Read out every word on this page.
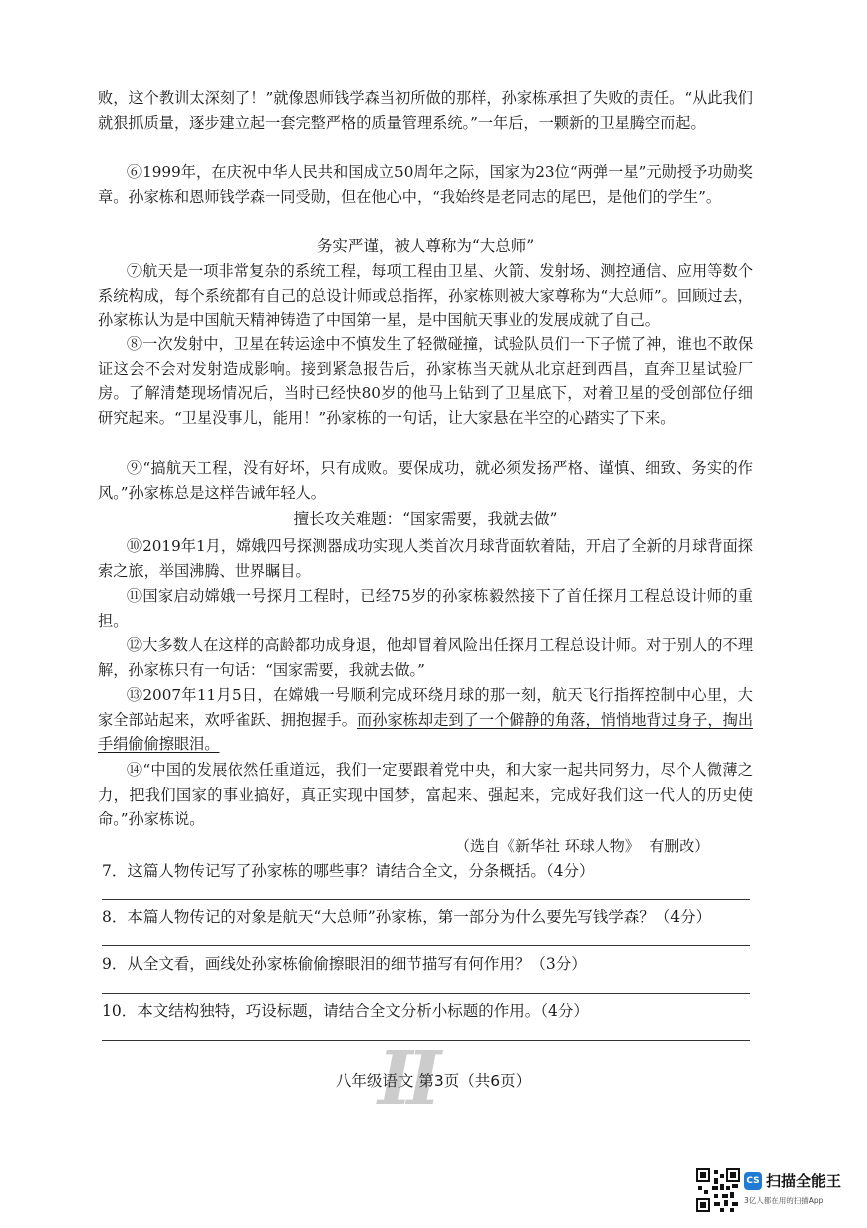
败，这个教训太深刻了！”就像恩师钱学森当初所做的那样，孙家栋承担了失败的责任。“从此我们就狠抓质量，逐步建立起一套完整严格的质量管理系统。”一年后，一颗新的卫星腾空而起。

⑥1999年，在庆祝中华人民共和国成立50周年之际，国家为23位“两弹一星”元勋授予功勋奖章。孙家栋和恩师钱学森一同受勋，但在他心中，“我始终是老同志的尾巴，是他们的学生”。

务实严谨，被人尊称为“大总师”

⑦航天是一项非常复杂的系统工程，每项工程由卫星、火箭、发射场、测控通信、应用等数个系统构成，每个系统都有自己的总设计师或总指挥，孙家栋则被大家尊称为“大总师”。回顾过去，孙家栋认为是中国航天精神铸造了中国第一星，是中国航天事业的发展成就了自己。

⑧一次发射中，卫星在转运途中不慎发生了轻微碰撞，试验队员们一下子慌了神，谁也不敢保证这会不会对发射造成影响。接到紧急报告后，孙家栋当天就从北京赶到西昌，直奔卫星试验厂房。了解清楚现场情况后，当时已经快80岁的他马上钻到了卫星底下，对着卫星的受创部位仔细研究起来。“卫星没事儿，能用！”孙家栋的一句话，让大家悬在半空的心踏实了下来。

⑨“搞航天工程，没有好坏，只有成败。要保成功，就必须发扬严格、谨慎、细致、务实的作风。”孙家栋总是这样告诫年轻人。

擅长攻关难题：“国家需要，我就去做”

⑩2019年1月，嫦娥四号探测器成功实现人类首次月球背面软着陆，开启了全新的月球背面探索之旅，举国沸腾、世界瞩目。

⑪国家启动嫦娥一号探月工程时，已经75岁的孙家栋毅然接下了首任探月工程总设计师的重担。

⑫大多数人在这样的高龄都功成身退，他却冒着风险出任探月工程总设计师。对于别人的不理解，孙家栋只有一句话：“国家需要，我就去做。”

⑬2007年11月5日，在嫦娥一号顺利完成环绕月球的那一刻，航天飞行指挥控制中心里，大家全部站起来，欢呼雀跃、拥抱握手。而孙家栋却走到了一个僻静的角落，悄悄地背过身子，掏出手绢偷偷擦眼泪。

⑭“中国的发展依然任重道远，我们一定要跟着党中央，和大家一起共同努力，尽个人微薄之力，把我们国家的事业搞好，真正实现中国梦，富起来、强起来，完成好我们这一代人的历史使命。”孙家栋说。

（选自《新华社 环球人物》  有删改）
7．这篇人物传记写了孙家栋的哪些事？请结合全文，分条概括。（4分）
8．本篇人物传记的对象是航天“大总师”孙家栋，第一部分为什么要先写钱学森？（4分）
9．从全文看，画线处孙家栋偷偷擦眼泪的细节描写有何作用？（3分）
10．本文结构独特，巧设标题，请结合全文分析小标题的作用。（4分）
II
八年级语文 第3页（共6页）
CS 扫描全能王
3亿人都在用的扫描App
